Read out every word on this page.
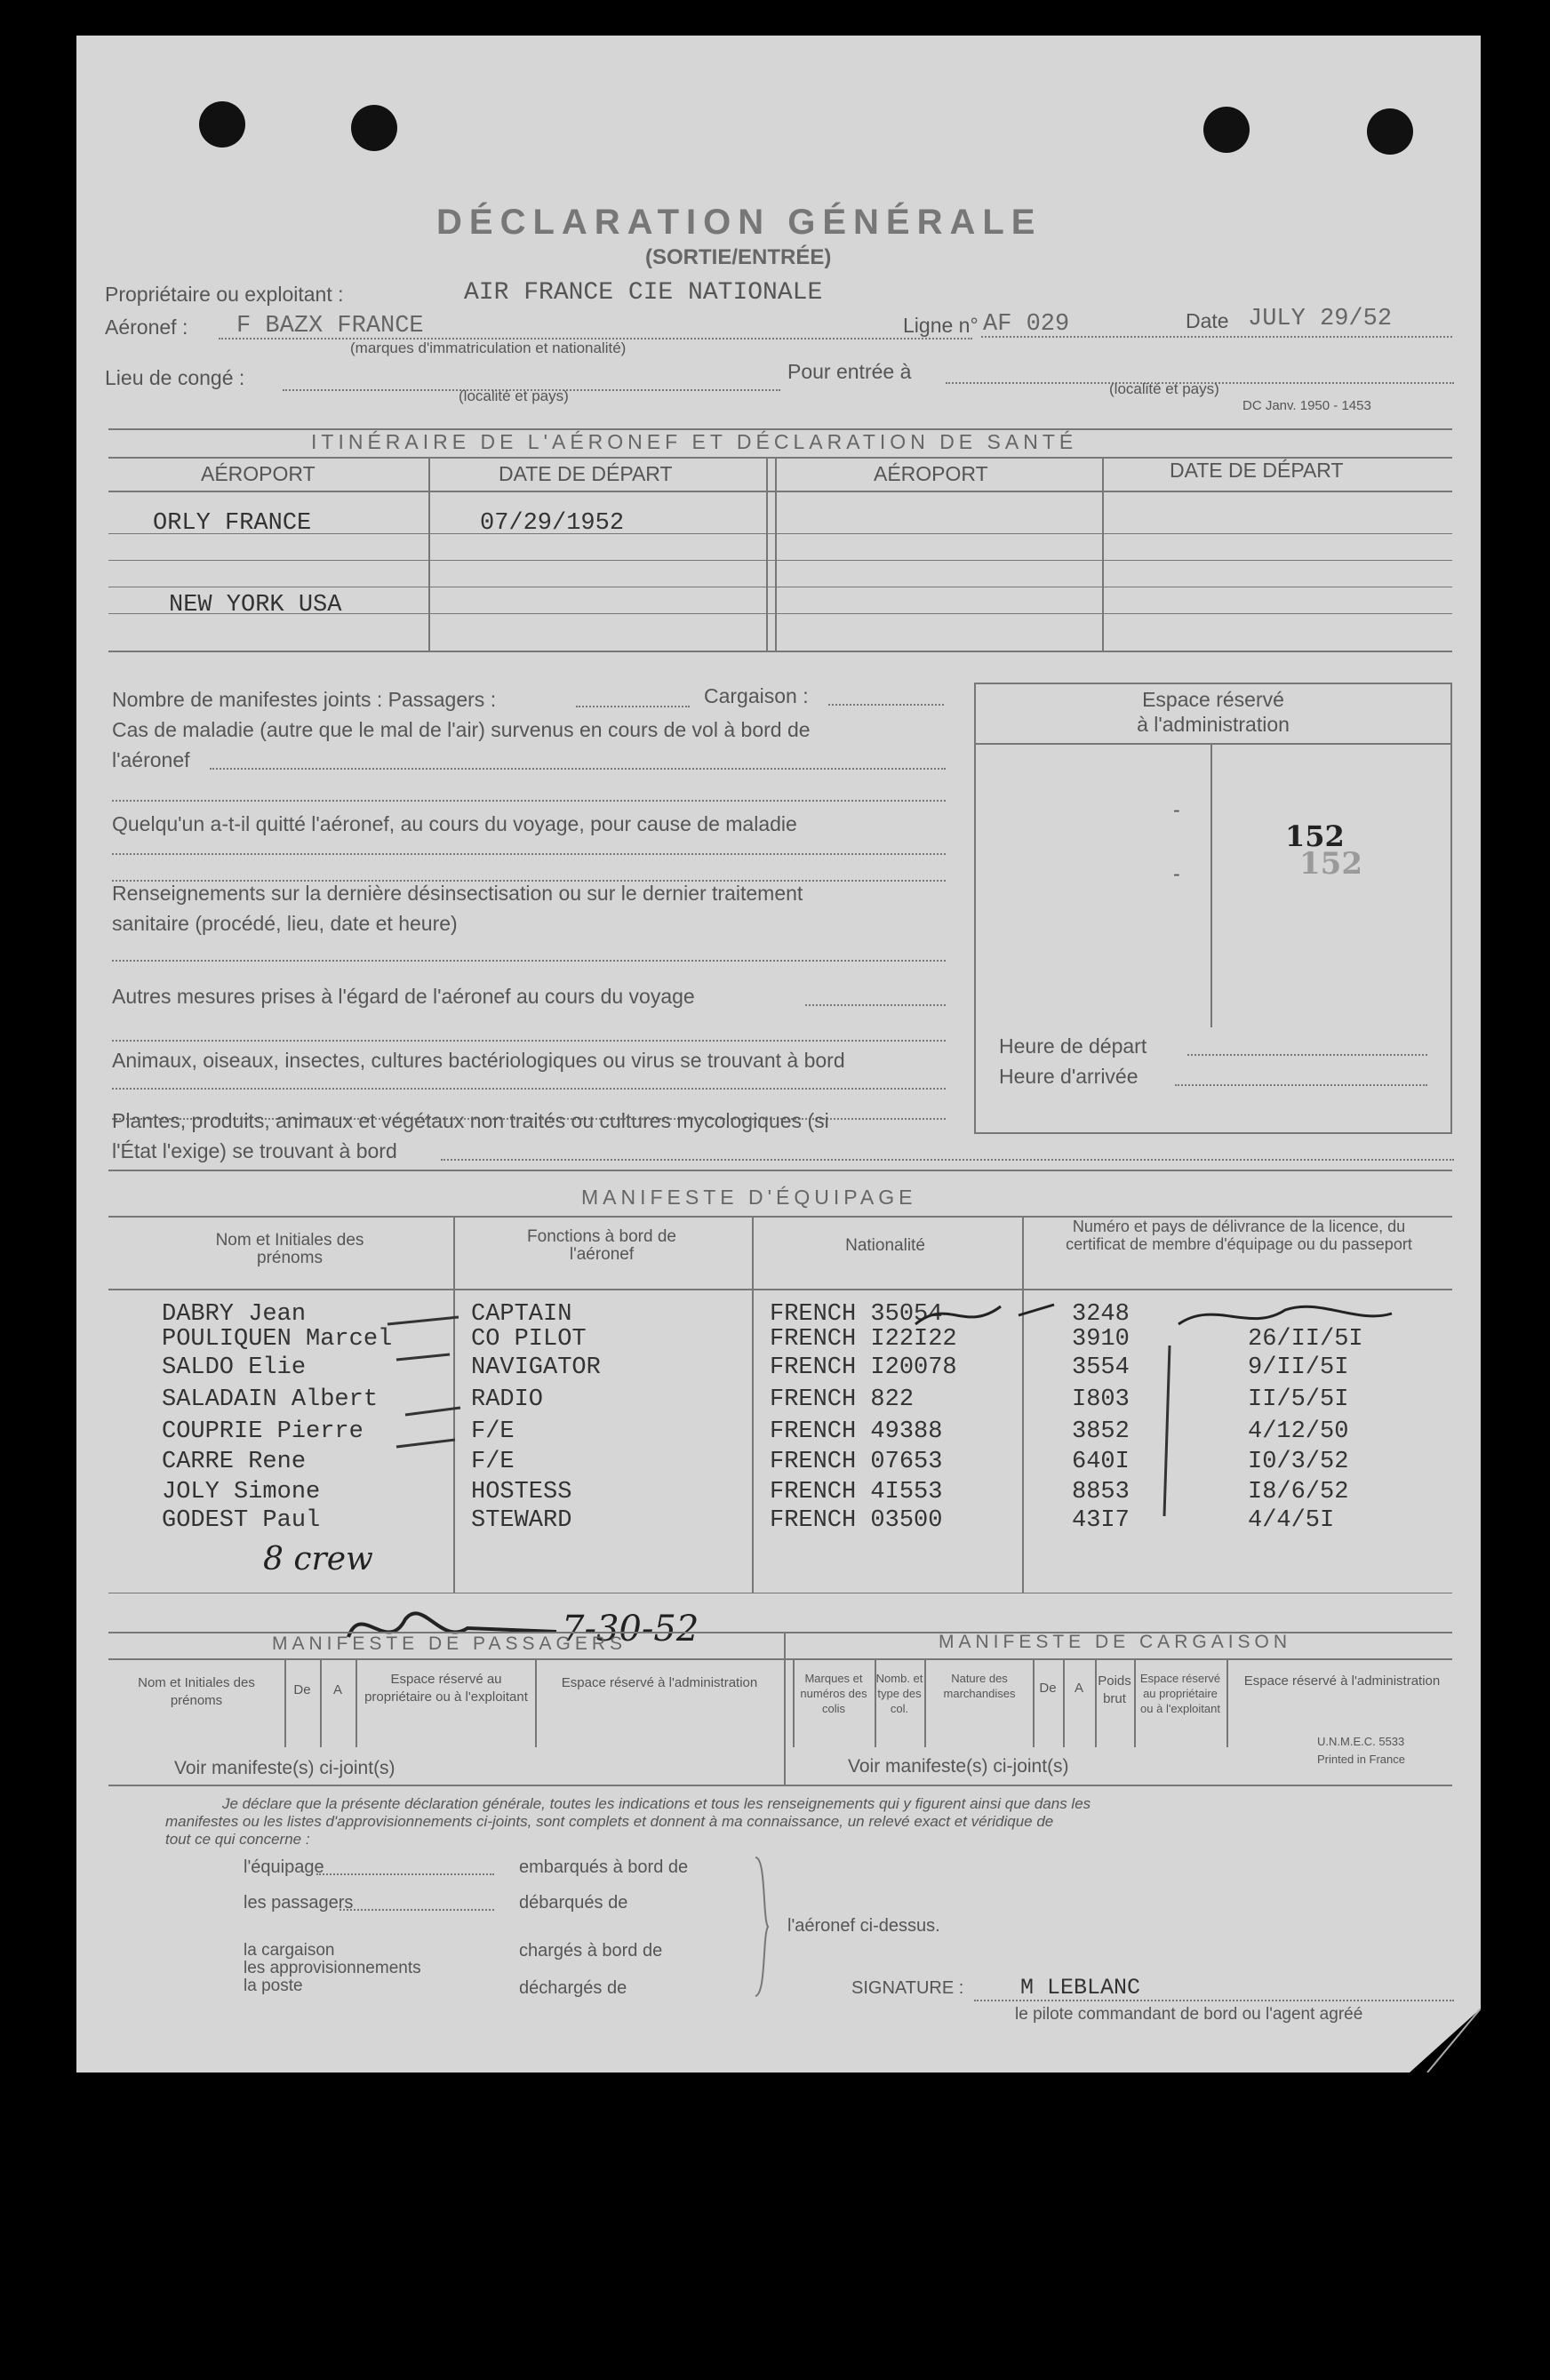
DÉCLARATION GÉNÉRALE
(SORTIE/ENTRÉE)
Propriétaire ou exploitant :	AIR FRANCE CIE NATIONALE
Aéronef : F BAZX FRANCE
(marques d'immatriculation et nationalité)
Ligne n° AF 029	Date JULY 29/52
Lieu de congé :
(localité et pays)
Pour entrée à
(localité et pays)
DC Janv. 1950 - 1453
ITINÉRAIRE DE L'AÉRONEF ET DÉCLARATION DE SANTÉ
AÉROPORT	DATE DE DÉPART	AÉROPORT	DATE DE DÉPART
ORLY FRANCE	07/29/1952
NEW YORK USA
Nombre de manifestes joints : Passagers :	Cargaison :
Cas de maladie (autre que le mal de l'air) survenus en cours de vol à bord de
l'aéronef
Quelqu'un a-t-il quitté l'aéronef, au cours du voyage, pour cause de maladie
Renseignements sur la dernière désinsectisation ou sur le dernier traitement
sanitaire (procédé, lieu, date et heure)
Autres mesures prises à l'égard de l'aéronef au cours du voyage
Animaux, oiseaux, insectes, cultures bactériologiques ou virus se trouvant à bord
Plantes, produits, animaux et végétaux non traités ou cultures mycologiques (si
l'État l'exige) se trouvant à bord
Espace réservé
à l'administration
-
-
152
152
Heure de départ
Heure d'arrivée
MANIFESTE D'ÉQUIPAGE
Nom et Initiales des prénoms
Fonctions à bord de l'aéronef	Nationalité
Numéro et pays de délivrance de la licence, du certificat de membre d'équipage ou du passeport
DABRY Jean	CAPTAIN	FRENCH 35054	3248
POULIQUEN Marcel	CO PILOT	FRENCH I22I22	3910	26/II/5I
SALDO Elie	NAVIGATOR	FRENCH I20078	3554	9/II/5I
SALADAIN Albert	RADIO	FRENCH 822	I803	II/5/5I
COUPRIE Pierre	F/E	FRENCH 49388	3852	4/12/50
CARRE Rene	F/E	FRENCH 07653	640I	I0/3/52
JOLY Simone	HOSTESS	FRENCH 4I553	8853	I8/6/52
GODEST Paul	STEWARD	FRENCH 03500	43I7	4/4/5I
8 crew
7-30-52
MANIFESTE DE PASSAGERS	MANIFESTE DE CARGAISON
Nom et Initiales des prénoms
De	A
Espace réservé au propriétaire ou à l'exploitant
Espace réservé à l'administration	Marques et numéros des colis
Nomb. et type des col.
Nature des marchandises	De	A	Poids brut
Espace réservé au propriétaire ou à l'exploitant
Espace réservé à l'administration
U.N.M.E.C. 5533
Printed in France
Voir manifeste(s) ci-joint(s)	Voir manifeste(s) ci-joint(s)
Je déclare que la présente déclaration générale, toutes les indications et tous les renseignements qui y figurent ainsi que dans les
manifestes ou les listes d'approvisionnements ci-joints, sont complets et donnent à ma connaissance, un relevé exact et véridique de
tout ce qui concerne :
l'équipage
les passagers
la cargaison
les approvisionnements
la poste
embarqués à bord de
débarqués de
chargés à bord de
déchargés de
l'aéronef ci-dessus.
SIGNATURE :	M LEBLANC
le pilote commandant de bord ou l'agent agréé
